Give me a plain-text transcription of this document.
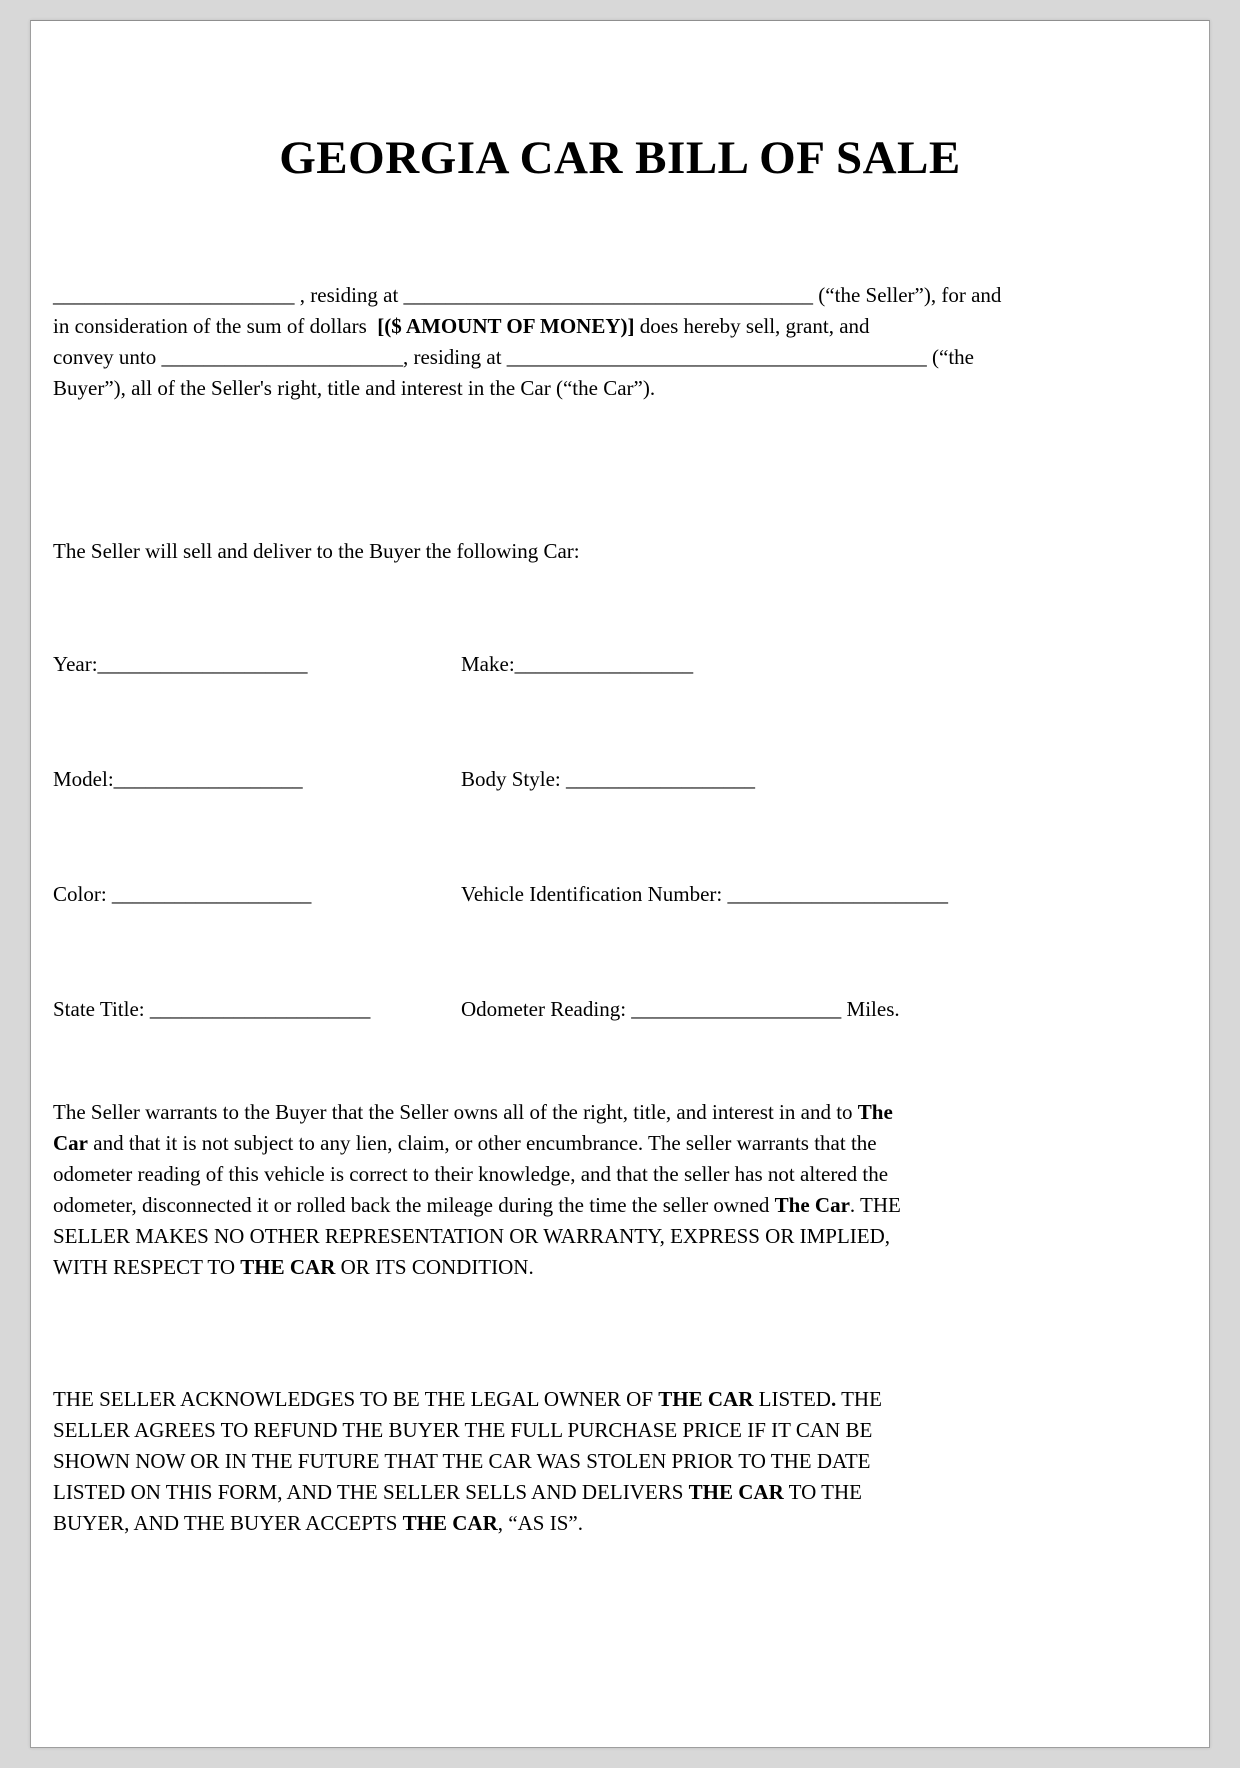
GEORGIA CAR BILL OF SALE
_______________________ , residing at _______________________________________ (“the Seller”), for and
in consideration of the sum of dollars  [($ AMOUNT OF MONEY)] does hereby sell, grant, and
convey unto _______________________, residing at ________________________________________ (“the
Buyer”), all of the Seller's right, title and interest in the Car (“the Car”).
The Seller will sell and deliver to the Buyer the following Car:
Year:____________________	Make:_________________
Model:__________________	Body Style: __________________
Color: ___________________	Vehicle Identification Number: _____________________
State Title: _____________________	Odometer Reading: ____________________ Miles.
The Seller warrants to the Buyer that the Seller owns all of the right, title, and interest in and to The
Car and that it is not subject to any lien, claim, or other encumbrance. The seller warrants that the
odometer reading of this vehicle is correct to their knowledge, and that the seller has not altered the
odometer, disconnected it or rolled back the mileage during the time the seller owned The Car. THE
SELLER MAKES NO OTHER REPRESENTATION OR WARRANTY, EXPRESS OR IMPLIED,
WITH RESPECT TO THE CAR OR ITS CONDITION.
THE SELLER ACKNOWLEDGES TO BE THE LEGAL OWNER OF THE CAR LISTED. THE
SELLER AGREES TO REFUND THE BUYER THE FULL PURCHASE PRICE IF IT CAN BE
SHOWN NOW OR IN THE FUTURE THAT THE CAR WAS STOLEN PRIOR TO THE DATE
LISTED ON THIS FORM, AND THE SELLER SELLS AND DELIVERS THE CAR TO THE
BUYER, AND THE BUYER ACCEPTS THE CAR, “AS IS”.
